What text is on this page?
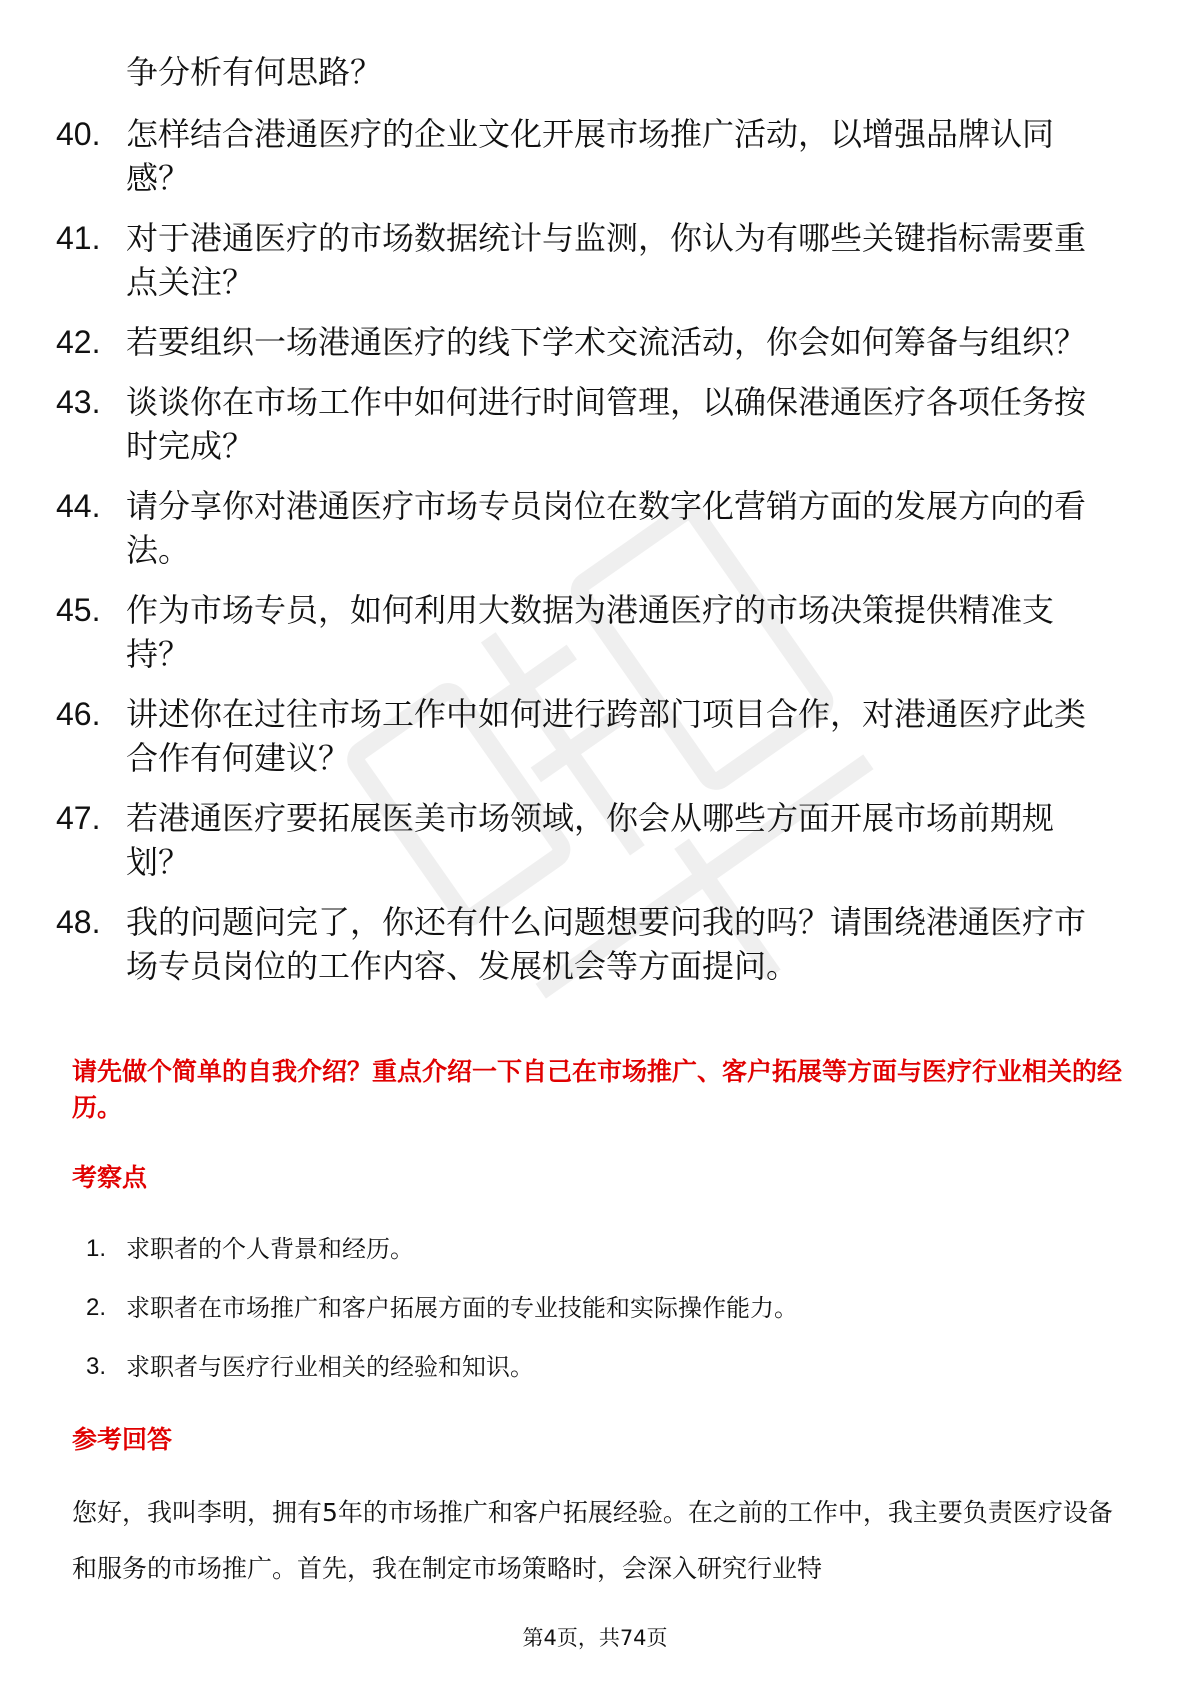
争分析有何思路？

40. 怎样结合港通医疗的企业文化开展市场推广活动，以增强品牌认同感？
41. 对于港通医疗的市场数据统计与监测，你认为有哪些关键指标需要重点关注？
42. 若要组织一场港通医疗的线下学术交流活动，你会如何筹备与组织？
43. 谈谈你在市场工作中如何进行时间管理，以确保港通医疗各项任务按时完成？
44. 请分享你对港通医疗市场专员岗位在数字化营销方面的发展方向的看法。
45. 作为市场专员，如何利用大数据为港通医疗的市场决策提供精准支持？
46. 讲述你在过往市场工作中如何进行跨部门项目合作，对港通医疗此类合作有何建议？
47. 若港通医疗要拓展医美市场领域，你会从哪些方面开展市场前期规划？
48. 我的问题问完了，你还有什么问题想要问我的吗？请围绕港通医疗市场专员岗位的工作内容、发展机会等方面提问。

请先做个简单的自我介绍？重点介绍一下自己在市场推广、客户拓展等方面与医疗行业相关的经历。

考察点
1. 求职者的个人背景和经历。
2. 求职者在市场推广和客户拓展方面的专业技能和实际操作能力。
3. 求职者与医疗行业相关的经验和知识。
参考回答

您好，我叫李明，拥有5年的市场推广和客户拓展经验。在之前的工作中，我主要负责医疗设备和服务的市场推广。首先，我在制定市场策略时，会深入研究行业特

第4页，共74页
